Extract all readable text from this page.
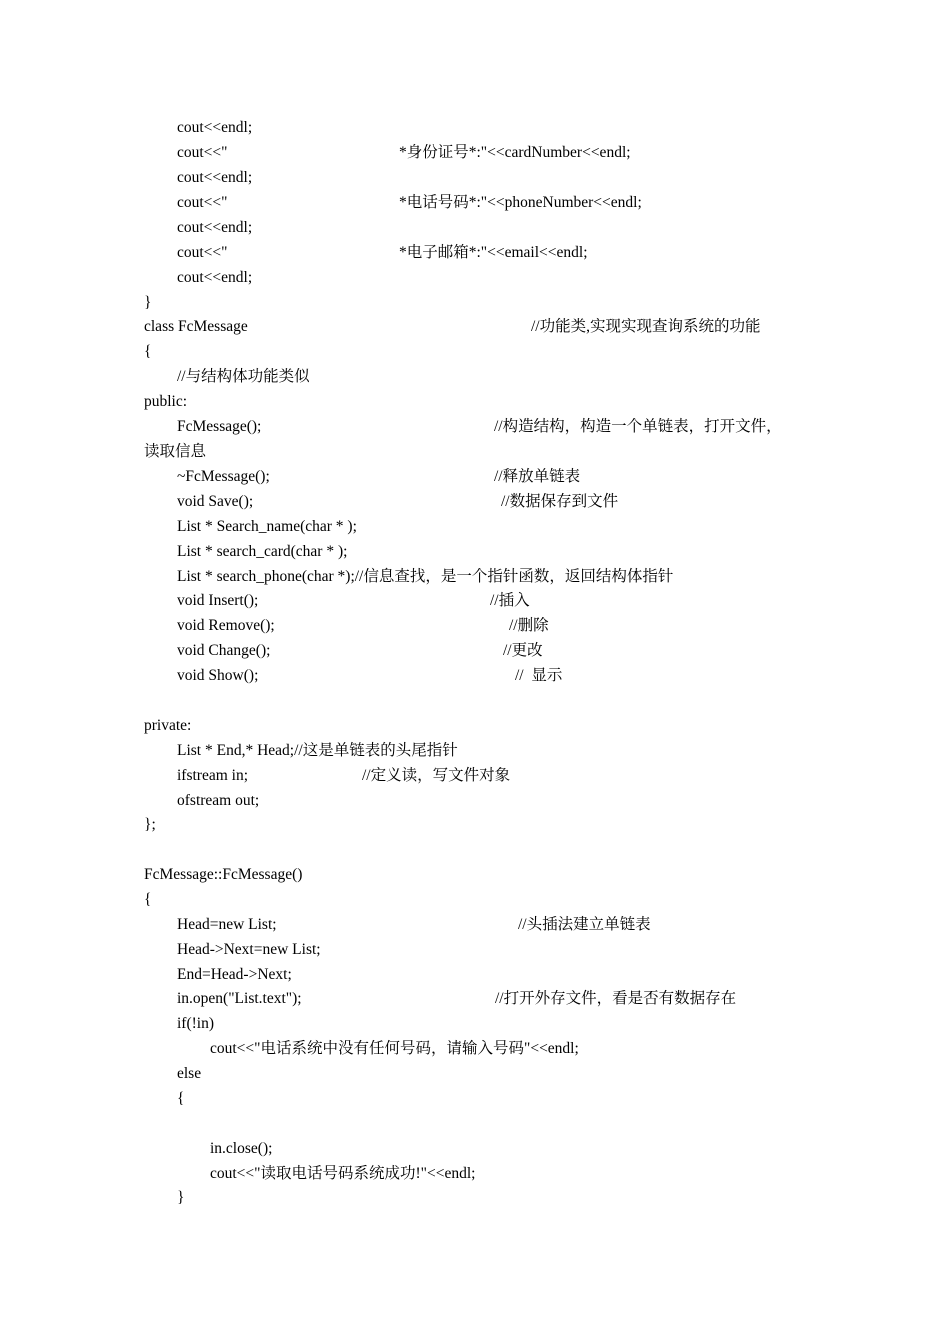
cout<<endl;
cout<<"	*身份证号*:"<<cardNumber<<endl;
cout<<endl;
cout<<"	*电话号码*:"<<phoneNumber<<endl;
cout<<endl;
cout<<"	*电子邮箱*:"<<email<<endl;
cout<<endl;
}
class FcMessage	//功能类,实现实现查询系统的功能
{
//与结构体功能类似
public:
FcMessage();	//构造结构，构造一个单链表，打开文件，
读取信息
~FcMessage();	//释放单链表
void Save();	//数据保存到文件
List * Search_name(char * );
List * search_card(char * );
List * search_phone(char *);//信息查找，是一个指针函数，返回结构体指针
void Insert();	//插入
void Remove();	//删除
void Change();	//更改
void Show();	//  显示
private:
List * End,* Head;//这是单链表的头尾指针
ifstream in;	//定义读，写文件对象
ofstream out;
};
FcMessage::FcMessage()
{
Head=new List;	//头插法建立单链表
Head->Next=new List;
End=Head->Next;
in.open("List.text");	//打开外存文件，看是否有数据存在
if(!in)
cout<<"电话系统中没有任何号码，请输入号码"<<endl;
else
{
in.close();
cout<<"读取电话号码系统成功!"<<endl;
}
